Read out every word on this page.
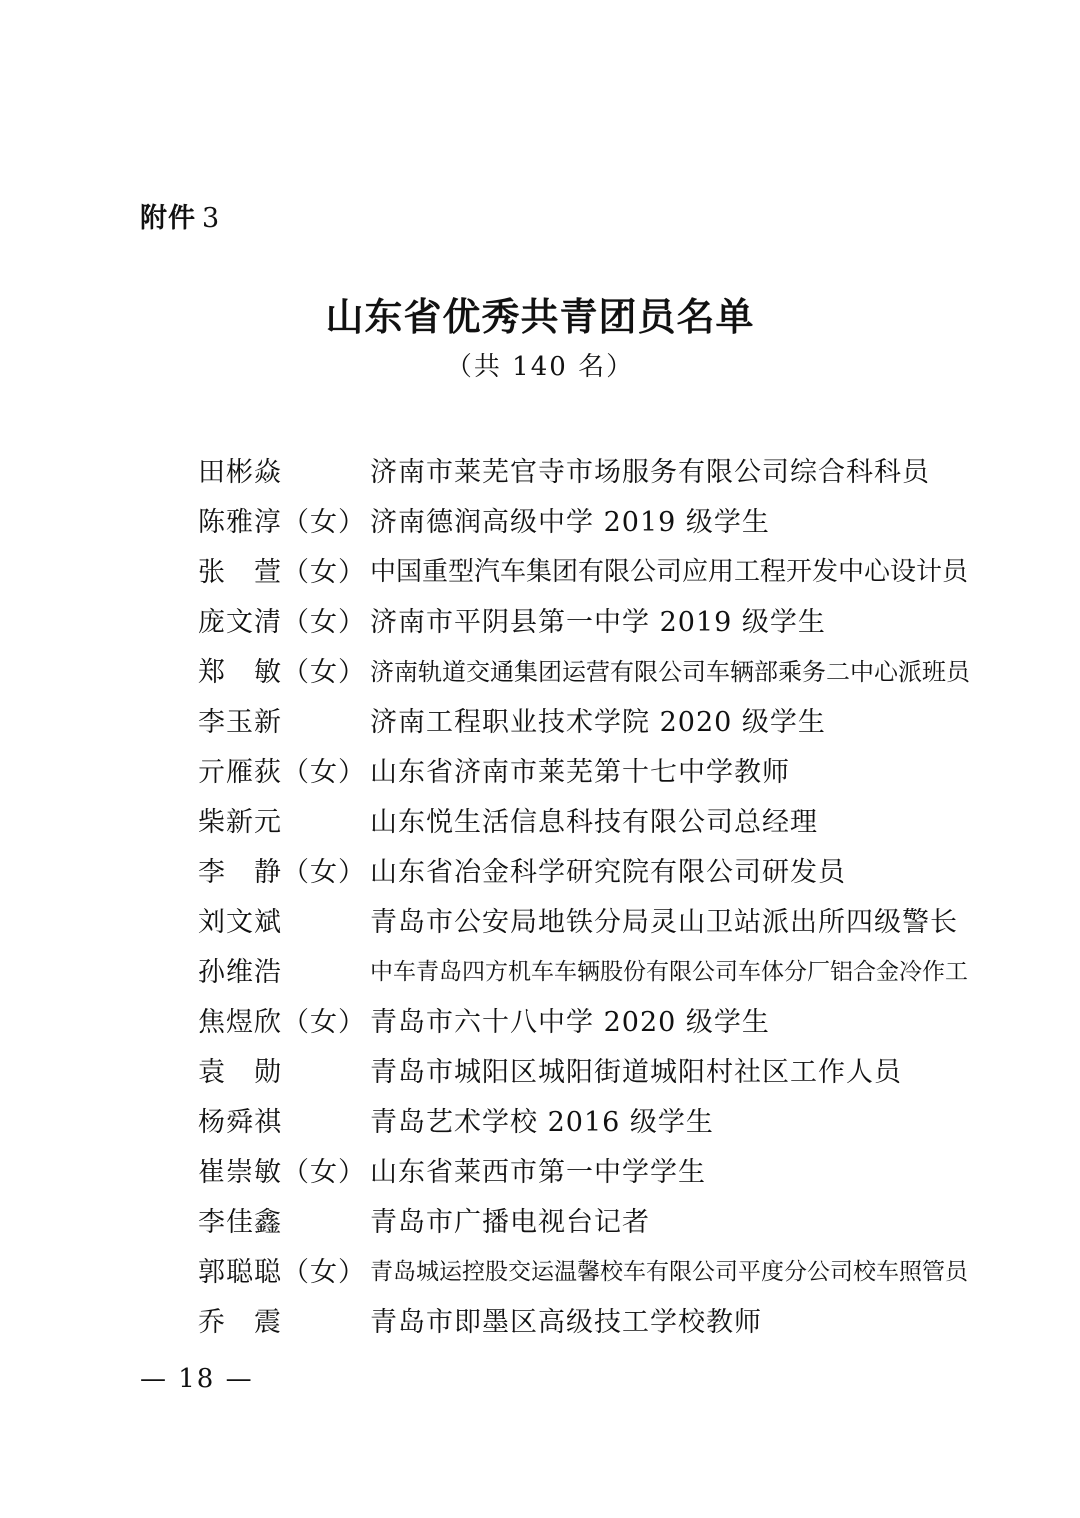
附件 3
山东省优秀共青团员名单
（共 140 名）
田彬焱	济南市莱芜官寺市场服务有限公司综合科科员
陈雅淳（女） 济南德润高级中学 2019 级学生
张　萱（女） 中国重型汽车集团有限公司应用工程开发中心设计员
庞文清（女） 济南市平阴县第一中学 2019 级学生
郑　敏（女） 济南轨道交通集团运营有限公司车辆部乘务二中心派班员
李玉新	济南工程职业技术学院 2020 级学生
亓雁荻（女） 山东省济南市莱芜第十七中学教师
柴新元	山东悦生活信息科技有限公司总经理
李　静（女） 山东省冶金科学研究院有限公司研发员
刘文斌	青岛市公安局地铁分局灵山卫站派出所四级警长
孙维浩	中车青岛四方机车车辆股份有限公司车体分厂铝合金冷作工
焦煜欣（女） 青岛市六十八中学 2020 级学生
袁　勋	青岛市城阳区城阳街道城阳村社区工作人员
杨舜祺	青岛艺术学校 2016 级学生
崔崇敏（女） 山东省莱西市第一中学学生
李佳鑫	青岛市广播电视台记者
郭聪聪（女） 青岛城运控股交运温馨校车有限公司平度分公司校车照管员
乔　震	青岛市即墨区高级技工学校教师
— 18 —
